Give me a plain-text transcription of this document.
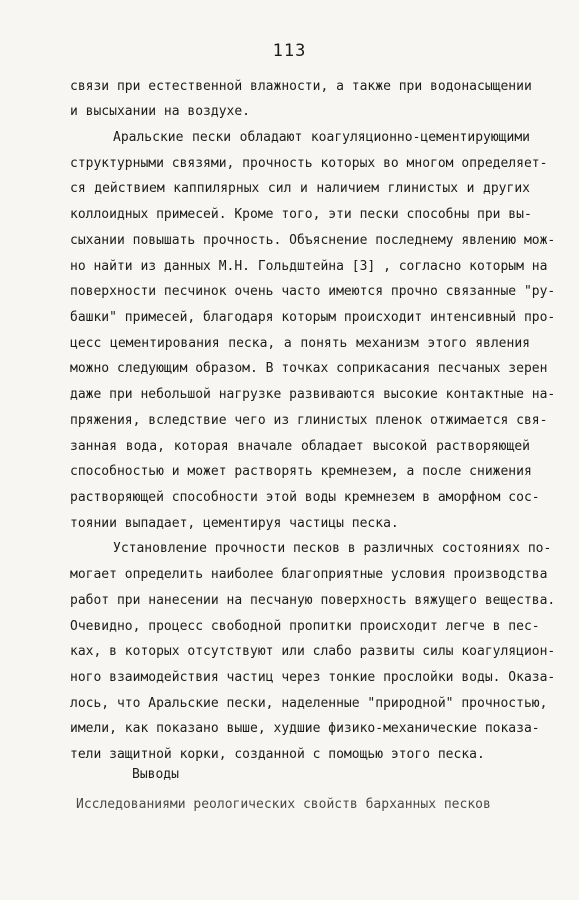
113
связи при естественной влажности, а также при водонасыщении
и высыхании на воздухе.
Аральские пески обладают коагуляционно-цементирующими
структурными связями, прочность которых во многом определяет-
ся действием каппилярных сил и наличием глинистых и других
коллоидных примесей. Кроме того, эти пески способны при вы-
сыхании повышать прочность. Объяснение последнему явлению мож-
но найти из данных М.Н. Гольдштейна [3] , согласно которым на
поверхности песчинок очень часто имеются прочно связанные "ру-
башки" примесей, благодаря которым происходит интенсивный про-
цесс цементирования песка, а понять механизм этого явления
можно следующим образом. В точках соприкасания песчаных зерен
даже при небольшой нагрузке развиваются высокие контактные на-
пряжения, вследствие чего из глинистых пленок отжимается свя-
занная вода, которая вначале обладает высокой растворяющей
способностью и может растворять кремнезем, а после снижения
растворяющей способности этой воды кремнезем в аморфном сос-
тоянии выпадает, цементируя частицы песка.
Установление прочности песков в различных состояниях по-
могает определить наиболее благоприятные условия производства
работ при нанесении на песчаную поверхность вяжущего вещества.
Очевидно, процесс свободной пропитки происходит легче в пес-
ках, в которых отсутствуют или слабо развиты силы коагуляцион-
ного взаимодействия частиц через тонкие прослойки воды. Оказа-
лось, что Аральские пески, наделенные "природной" прочностью,
имели, как показано выше, худшие физико-механические показа-
тели защитной корки, созданной с помощью этого песка.
Выводы
Исследованиями реологических свойств барханных песков
